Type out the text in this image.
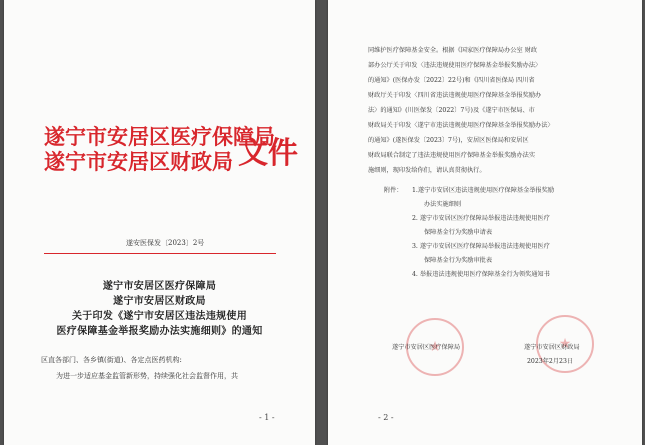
遂宁市安居区医疗保障局
遂宁市安居区财政局 文件
遂安医保发〔2023〕2号
遂宁市安居区医疗保障局
遂宁市安居区财政局
关于印发《遂宁市安居区违法违规使用
医疗保障基金举报奖励办法实施细则》的通知
区直各部门、各乡镇(街道)、各定点医药机构:
为进一步适应基金监管新形势，持续强化社会监督作用，共
- 1 -
同维护医疗保障基金安全。根据《国家医疗保障局办公室 财政
部办公厅关于印发〈违法违规使用医疗保障基金举报奖励办法〉
的通知》(医保办发〔2022〕22号)和《四川省医保局 四川省
财政厅关于印发〈四川省违法违规使用医疗保障基金举报奖励办
法〉的通知》(川医保发〔2022〕7号)及《遂宁市医保局、市
财政局关于印发〈遂宁市违法违规使用医疗保障基金举报奖励办法〉
的通知》(遂医保发〔2023〕7号)，安居区医保局和安居区
财政局联合制定了违法违规使用医疗保障基金举报奖励办法实
施细则，现印发给你们，请认真贯彻执行。
附件： 1.遂宁市安居区违法违规使用医疗保障基金举报奖励
办法实施细则
2. 遂宁市安居区医疗保障局举报违法违规使用医疗
保障基金行为奖励申请表
3. 遂宁市安居区医疗保障局举报违法违规使用医疗
保障基金行为奖励审批表
4. 举报违法违规使用医疗保障基金行为领奖通知书
★
★
遂宁市安居区医疗保障局	遂宁市安居区财政局
2023年2月23日
- 2 -
